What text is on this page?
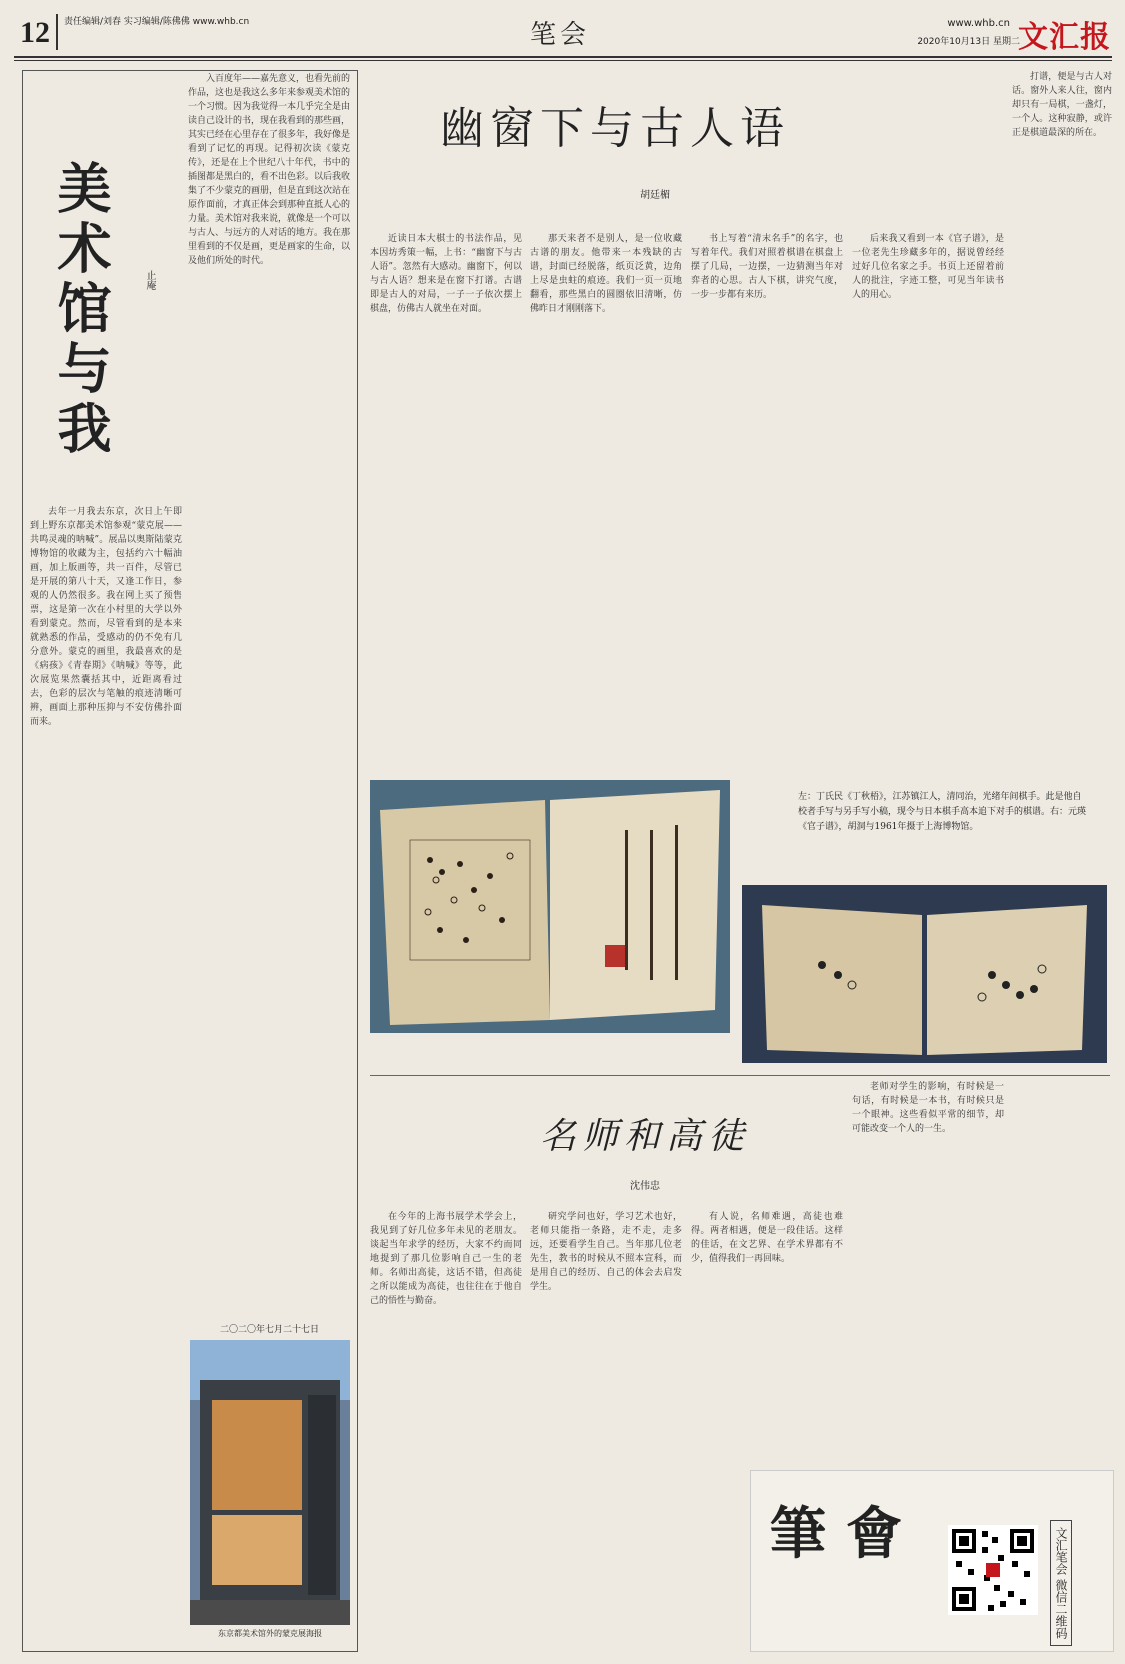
12 责任编辑/刘春 实习编辑/陈佛佛 www.whb.cn	笔会	www.whb.cn
2020年10月13日 星期二
文汇报
美术馆与我	止庵

去年一月我去东京，次日上午即到上野东京都美术馆参观“蒙克展——共鸣灵魂的呐喊”。展品以奥斯陆蒙克博物馆的收藏为主，包括约六十幅油画，加上版画等，共一百件，尽管已是开展的第八十天，又逢工作日，参观的人仍然很多。我在网上买了预售票，这是第一次在小村里的大学以外看到蒙克。然而，尽管看到的是本来就熟悉的作品，受感动的仍不免有几分意外。蒙克的画里，我最喜欢的是《病孩》《青春期》《呐喊》等等，此次展览果然囊括其中，近距离看过去，色彩的层次与笔触的痕迹清晰可辨，画面上那种压抑与不安仿佛扑面而来。

入百度年——嘉先意义，也看先前的作品，这也是我这么多年来参观美术馆的一个习惯。因为我觉得一本几乎完全是由读自己设计的书，现在我看到的那些画，其实已经在心里存在了很多年，我好像是看到了记忆的再现。记得初次读《蒙克传》，还是在上个世纪八十年代，书中的插图都是黑白的，看不出色彩。以后我收集了不少蒙克的画册，但是直到这次站在原作面前，才真正体会到那种直抵人心的力量。美术馆对我来说，就像是一个可以与古人、与远方的人对话的地方。我在那里看到的不仅是画，更是画家的生命，以及他们所处的时代。

二〇二〇年七月二十七日
东京都美术馆外的蒙克展海报
幽窗下与古人语
胡廷楣

近读日本大棋士的书法作品，见本因坊秀策一幅，上书：“幽窗下与古人语”。忽然有大感动。幽窗下，何以与古人语？想来是在窗下打谱。古谱即是古人的对局，一子一子依次摆上棋盘，仿佛古人就坐在对面。

那天来者不是别人，是一位收藏古谱的朋友。他带来一本残缺的古谱，封面已经脱落，纸页泛黄，边角上尽是虫蛀的痕迹。我们一页一页地翻看，那些黑白的圆圈依旧清晰，仿佛昨日才刚刚落下。

书上写着“清末名手”的名字，也写着年代。我们对照着棋谱在棋盘上摆了几局，一边摆，一边猜测当年对弈者的心思。古人下棋，讲究气度，一步一步都有来历。

后来我又看到一本《官子谱》，是一位老先生珍藏多年的，据说曾经经过好几位名家之手。书页上还留着前人的批注，字迹工整，可见当年读书人的用心。

打谱，便是与古人对话。窗外人来人往，窗内却只有一局棋，一盏灯，一个人。这种寂静，或许正是棋道最深的所在。

左：丁氏民《丁秋梧》，江苏镇江人，清同治，光绪年间棋手。此是他自校者手写与另手写小稿，现令与日本棋手高本追下对手的棋谱。右：元瑛《官子谱》，胡洞与1961年摄于上海博物馆。
名师和高徒
沈伟忠

在今年的上海书展学术学会上，我见到了好几位多年未见的老朋友。谈起当年求学的经历，大家不约而同地提到了那几位影响自己一生的老师。名师出高徒，这话不错，但高徒之所以能成为高徒，也往往在于他自己的悟性与勤奋。

研究学问也好，学习艺术也好，老师只能指一条路，走不走，走多远，还要看学生自己。当年那几位老先生，教书的时候从不照本宣科，而是用自己的经历、自己的体会去启发学生。

有人说，名师难遇，高徒也难得。两者相遇，便是一段佳话。这样的佳话，在文艺界、在学术界都有不少，值得我们一再回味。

老师对学生的影响，有时候是一句话，有时候是一本书，有时候只是一个眼神。这些看似平常的细节，却可能改变一个人的一生。

筆會	文汇笔会 微信二维码
